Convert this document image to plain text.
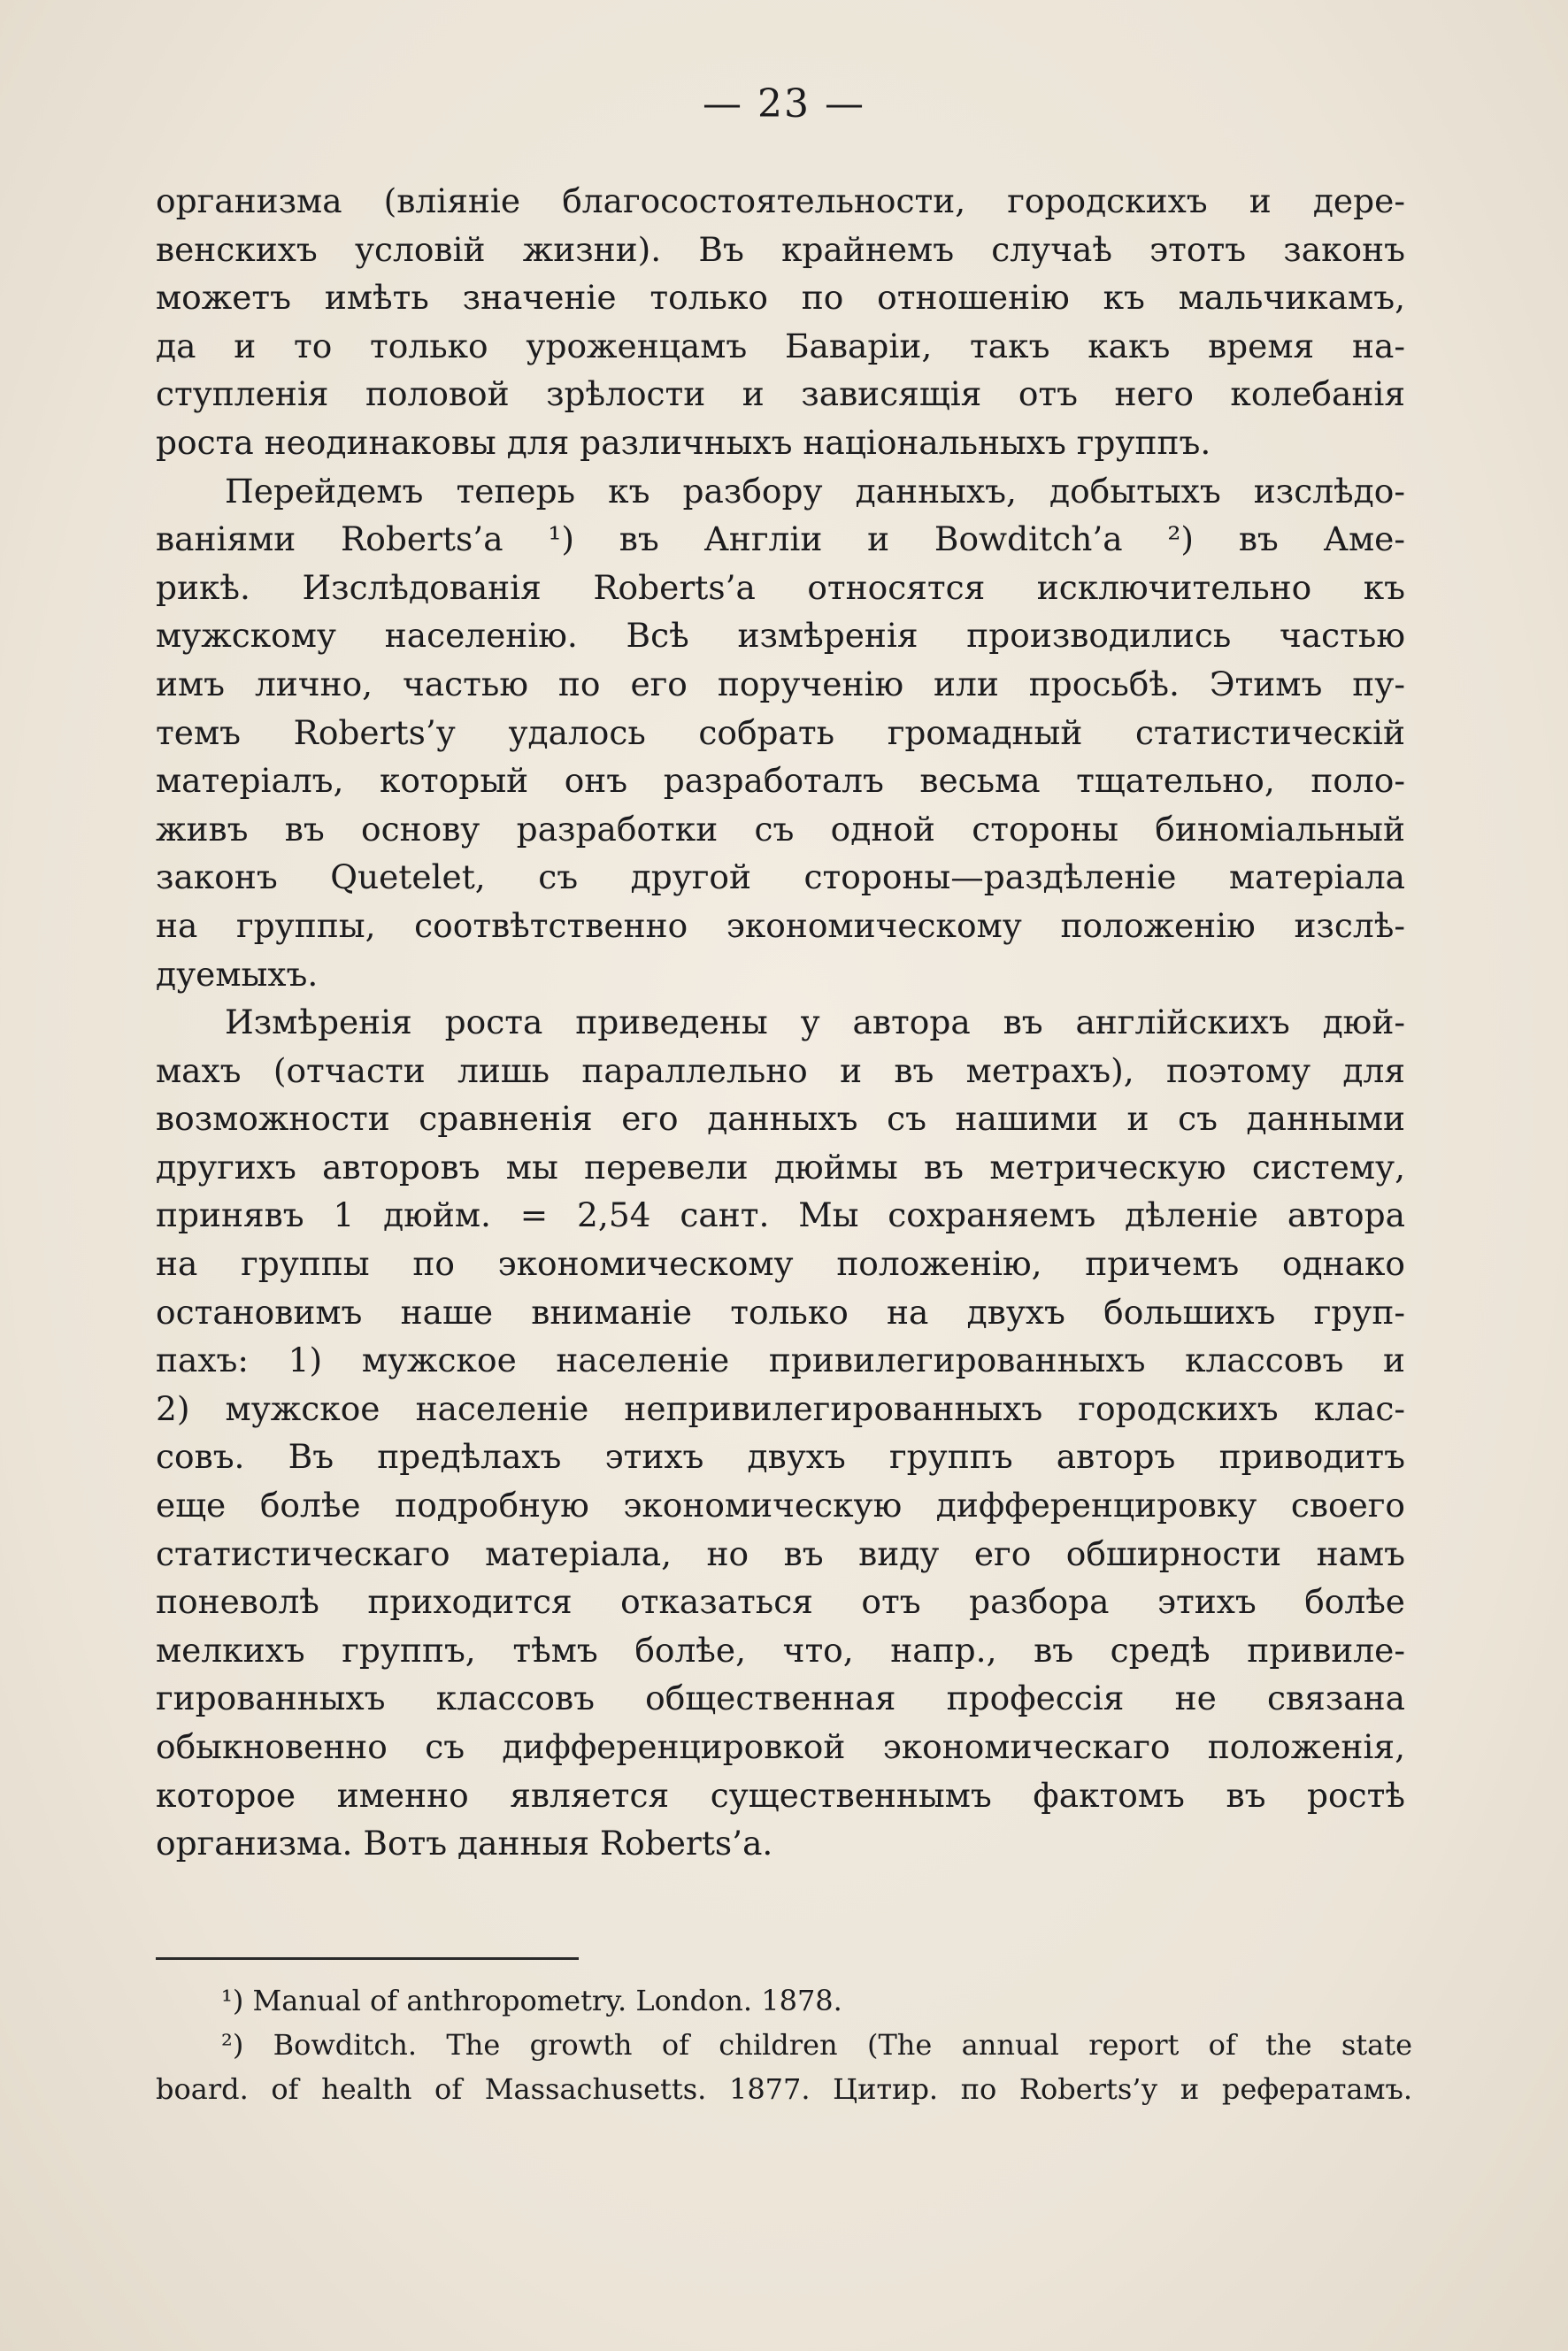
— 23 —
организма (вліяніе благосостоятельности, городскихъ и дере-
венскихъ условій жизни). Въ крайнемъ случаѣ этотъ законъ
можетъ имѣть значеніе только по отношенію къ мальчикамъ,
да и то только уроженцамъ Баваріи, такъ какъ время на-
ступленія половой зрѣлости и зависящія отъ него колебанія
роста неодинаковы для различныхъ національныхъ группъ.
Перейдемъ теперь къ разбору данныхъ, добытыхъ изслѣдо-
ваніями Roberts’а ¹) въ Англіи и Bowditch’а ²) въ Аме-
рикѣ. Изслѣдованія Roberts’а относятся исключительно къ
мужскому населенію. Всѣ измѣренія производились частью
имъ лично, частью по его порученію или просьбѣ. Этимъ пу-
темъ Roberts’у удалось собрать громадный статистическій
матеріалъ, который онъ разработалъ весьма тщательно, поло-
живъ въ основу разработки съ одной стороны биноміальный
законъ Quetelet, съ другой стороны—раздѣленіе матеріала
на группы, соотвѣтственно экономическому положенію изслѣ-
дуемыхъ.
Измѣренія роста приведены у автора въ англійскихъ дюй-
махъ (отчасти лишь параллельно и въ метрахъ), поэтому для
возможности сравненія его данныхъ съ нашими и съ данными
другихъ авторовъ мы перевели дюймы въ метрическую систему,
принявъ 1 дюйм. = 2,54 сант. Мы сохраняемъ дѣленіе автора
на группы по экономическому положенію, причемъ однако
остановимъ наше вниманіе только на двухъ большихъ груп-
пахъ: 1) мужское населеніе привилегированныхъ классовъ и
2) мужское населеніе непривилегированныхъ городскихъ клас-
совъ. Въ предѣлахъ этихъ двухъ группъ авторъ приводитъ
еще болѣе подробную экономическую дифференцировку своего
статистическаго матеріала, но въ виду его обширности намъ
поневолѣ приходится отказаться отъ разбора этихъ болѣе
мелкихъ группъ, тѣмъ болѣе, что, напр., въ средѣ привиле-
гированныхъ классовъ общественная профессія не связана
обыкновенно съ дифференцировкой экономическаго положенія,
которое именно является существеннымъ фактомъ въ ростѣ
организма. Вотъ данныя Roberts’а.
¹) Manual of anthropometry. London. 1878.
²) Bowditch. The growth of children (The annual report of the state
board. of health of Massachusetts. 1877. Цитир. по Roberts’у и рефератамъ.
